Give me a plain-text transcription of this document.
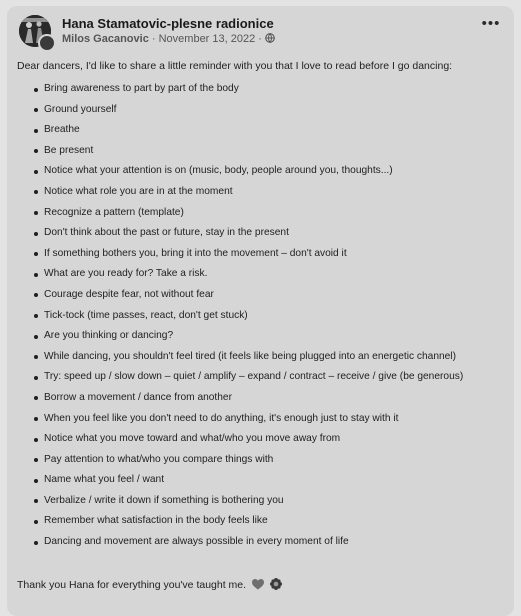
Hana Stamatovic-plesne radionice
Milos Gacanovic · November 13, 2022 ·
•••
Dear dancers, I'd like to share a little reminder with you that I love to read before I go dancing:
Bring awareness to part by part of the body
Ground yourself
Breathe
Be present
Notice what your attention is on (music, body, people around you, thoughts...)
Notice what role you are in at the moment
Recognize a pattern (template)
Don't think about the past or future, stay in the present
If something bothers you, bring it into the movement – don't avoid it
What are you ready for? Take a risk.
Courage despite fear, not without fear
Tick-tock (time passes, react, don't get stuck)
Are you thinking or dancing?
While dancing, you shouldn't feel tired (it feels like being plugged into an energetic channel)
Try: speed up / slow down – quiet / amplify – expand / contract – receive / give (be generous)
Borrow a movement / dance from another
When you feel like you don't need to do anything, it's enough just to stay with it
Notice what you move toward and what/who you move away from
Pay attention to what/who you compare things with
Name what you feel / want
Verbalize / write it down if something is bothering you
Remember what satisfaction in the body feels like
Dancing and movement are always possible in every moment of life
Thank you Hana for everything you've taught me.
